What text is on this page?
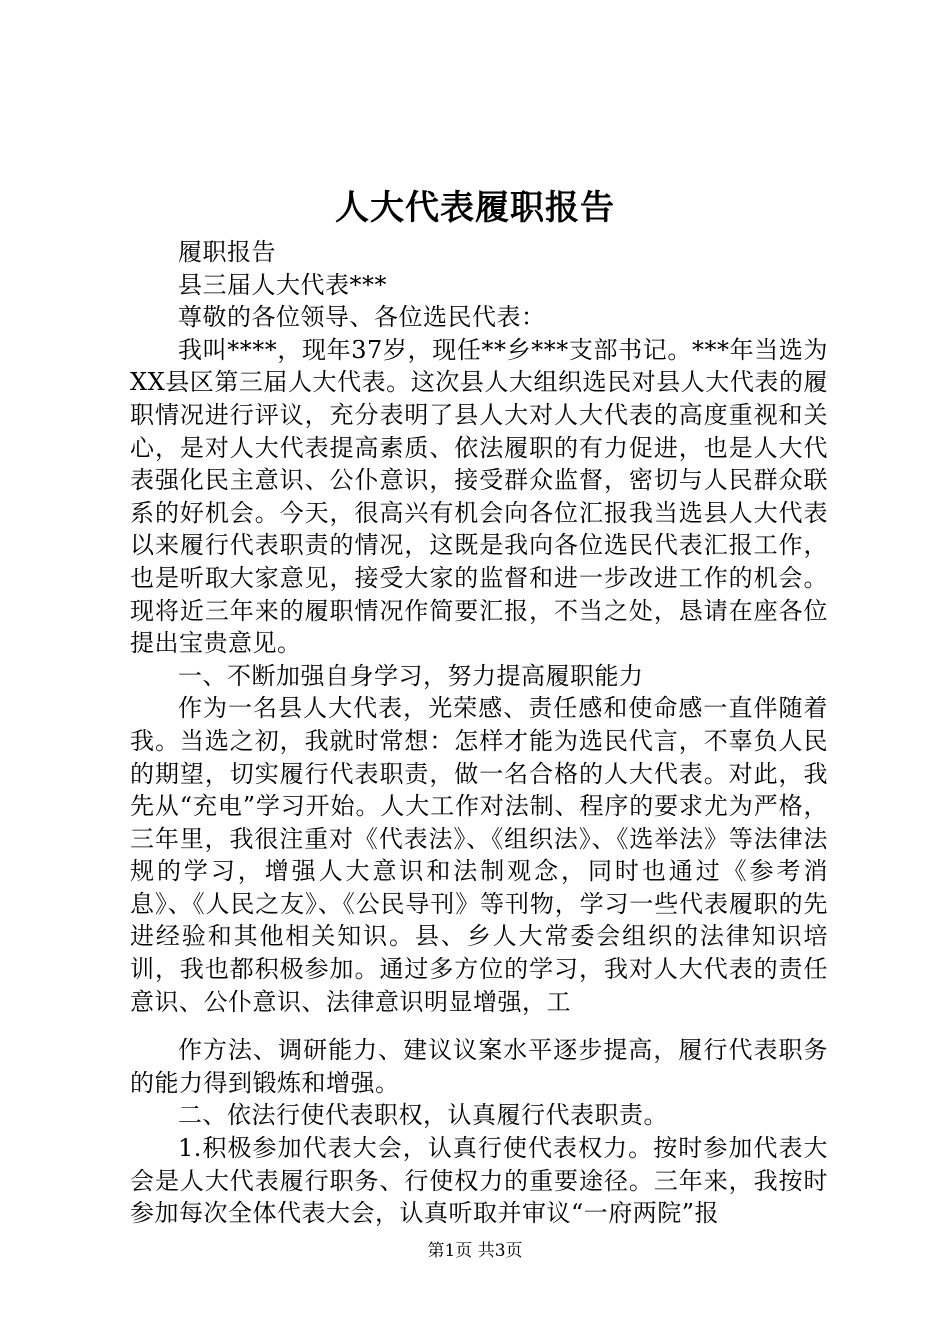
人大代表履职报告

履职报告

县三届人大代表***

尊敬的各位领导、各位选民代表：

我叫****，现年37岁，现任**乡***支部书记。***年当选为XX县区第三届人大代表。这次县人大组织选民对县人大代表的履职情况进行评议，充分表明了县人大对人大代表的高度重视和关心，是对人大代表提高素质、依法履职的有力促进，也是人大代表强化民主意识、公仆意识，接受群众监督，密切与人民群众联系的好机会。今天，很高兴有机会向各位汇报我当选县人大代表以来履行代表职责的情况，这既是我向各位选民代表汇报工作，也是听取大家意见，接受大家的监督和进一步改进工作的机会。现将近三年来的履职情况作简要汇报，不当之处，恳请在座各位提出宝贵意见。

一、不断加强自身学习，努力提高履职能力

作为一名县人大代表，光荣感、责任感和使命感一直伴随着我。当选之初，我就时常想：怎样才能为选民代言，不辜负人民的期望，切实履行代表职责，做一名合格的人大代表。对此，我先从“充电”学习开始。人大工作对法制、程序的要求尤为严格，三年里，我很注重对《代表法》、《组织法》、《选举法》等法律法规的学习，增强人大意识和法制观念，同时也通过《参考消息》、《人民之友》、《公民导刊》等刊物，学习一些代表履职的先进经验和其他相关知识。县、乡人大常委会组织的法律知识培训，我也都积极参加。通过多方位的学习，我对人大代表的责任意识、公仆意识、法律意识明显增强，工

作方法、调研能力、建议议案水平逐步提高，履行代表职务的能力得到锻炼和增强。

二、依法行使代表职权，认真履行代表职责。

1.积极参加代表大会，认真行使代表权力。按时参加代表大会是人大代表履行职务、行使权力的重要途径。三年来，我按时参加每次全体代表大会，认真听取并审议“一府两院”报

第1页 共3页
